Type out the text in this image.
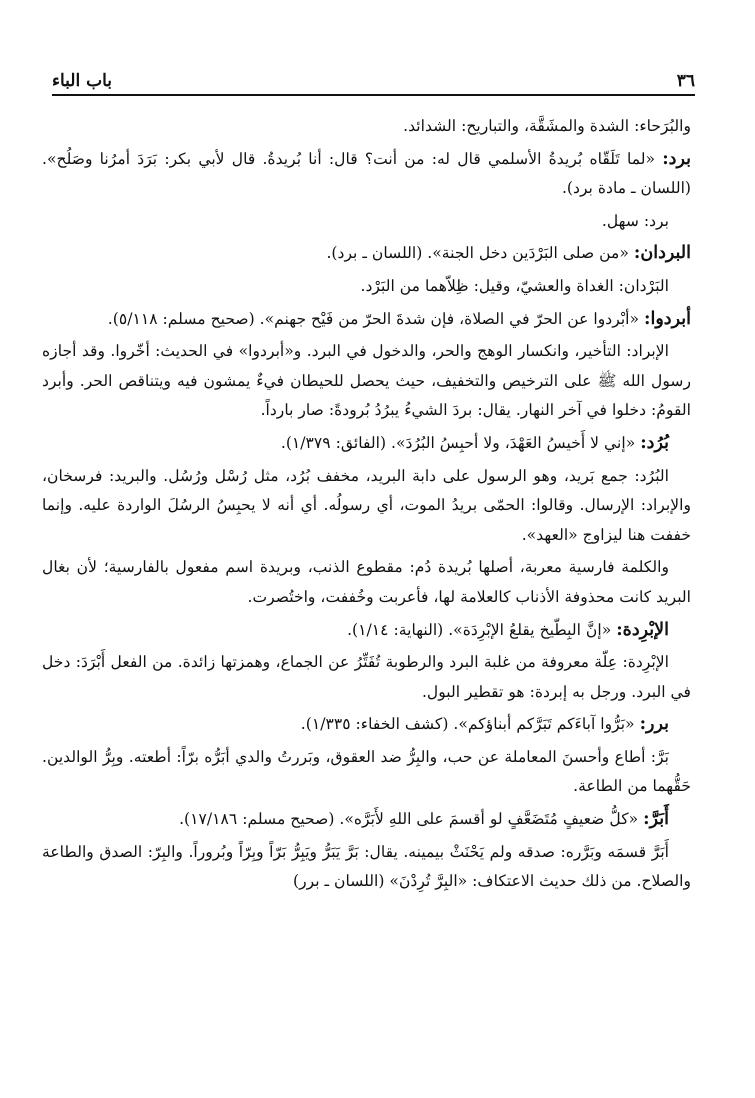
٣٦
باب الباء

والبُرَحاء: الشدة والمشَقَّة، والتباريح: الشدائد.

برد: «لما تَلَقّاه بُريدةُ الأسلمي قال له: من أنت؟ قال: أنا بُريدةُ. قال لأبي بكر: بَرَدَ أمرُنا وصَلُح». (اللسان ـ مادة برد).

برد: سهل.

البردان: «من صلى البَرْدَين دخل الجنة». (اللسان ـ برد).

البَرْدان: الغداة والعشيّ، وقيل: ظِلاّهما من البَرْد.

أبردوا: «أبْردوا عن الحرّ في الصلاة، فإن شدةَ الحرّ من فَيْح جهنم». (صحيح مسلم: ٥/١١٨).

الإبراد: التأخير، وانكسار الوهج والحر، والدخول في البرد. و«أبردوا» في الحديث: أخّروا. وقد أجازه رسول الله ﷺ على الترخيص والتخفيف، حيث يحصل للحيطان فيءٌ يمشون فيه ويتناقص الحر. وأبرد القومُ: دخلوا في آخر النهار. يقال: بردَ الشيءُ يبرُدُ بُرودةً: صار بارداً.

بُرُد: «إني لا أَخيسُ العَهْدَ، ولا أحبِسُ البُرُدَ». (الفائق: ١/٣٧٩).

البُرُد: جمع بَريد، وهو الرسول على دابة البريد، مخفف بُرُد، مثل رُسْل ورُسُل. والبريد: فرسخان، والإبراد: الإرسال. وقالوا: الحمّى بريدُ الموت، أي رسولُه. أي أنه لا يحبِسُ الرسُلَ الواردة عليه. وإنما خففت هنا ليزاوج «العهد».

والكلمة فارسية معربة، أصلها بُريدة دُم: مقطوع الذنب، وبريدة اسم مفعول بالفارسية؛ لأن بغال البريد كانت محذوفة الأذناب كالعلامة لها، فأعربت وخُففت، واختُصرت.

الإبْرِدة: «إنَّ البِطّيخ يقلعُ الإبْرِدَة». (النهاية: ١/١٤).

الإبْرِدة: عِلّة معروفة من غلبة البرد والرطوبة تُفَتِّرُ عن الجماع، وهمزتها زائدة. من الفعل أَبْرَدَ: دخل في البرد. ورجل به إبردة: هو تقطير البول.

برر: «بَرُّوا آباءَكم تَبَرَّكم أبناؤكم». (كشف الخفاء: ١/٣٣٥).

بَرَّ: أطاع وأحسنَ المعاملة عن حب، والبِرُّ ضد العقوق، وبَررتُ والدي أبَرُّه برّاً: أطعته. وبِرُّ الوالدين. حَقُّهما من الطاعة.

أَبَرَّ: «كلُّ ضعيفٍ مُتَضَعَّفٍ لو أقسمَ على اللهِ لأَبَرَّه». (صحيح مسلم: ١٧/١٨٦).

أَبَرَّ قسمَه وبَرَّره: صدقه ولم يَحْنَثْ بيمينه. يقال: بَرَّ يَبَرُّ ويَبِرُّ بَرّاً وبِرّاً وبُروراً. والبِرّ: الصدق والطاعة والصلاح. من ذلك حديث الاعتكاف: «البِرَّ تُرِدْنَ» (اللسان ـ برر)
